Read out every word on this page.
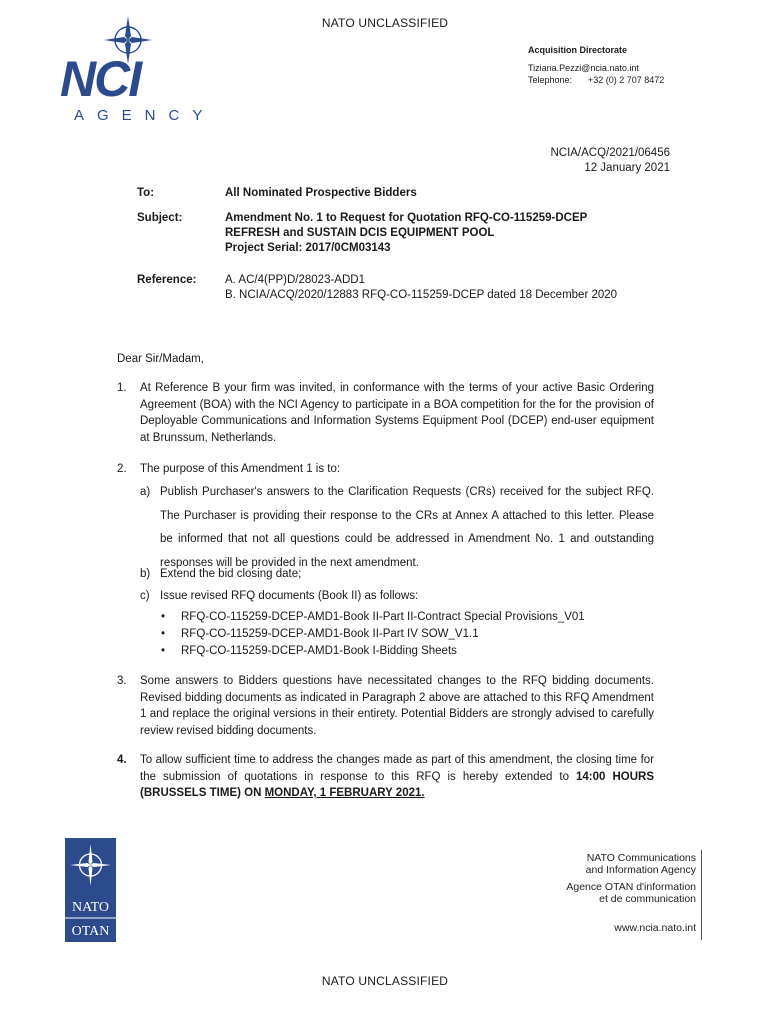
NATO UNCLASSIFIED
NCI
AGENCY
Acquisition Directorate
Tiziana.Pezzi@ncia.nato.int
Telephone: +32 (0) 2 707 8472
NCIA/ACQ/2021/06456
12 January 2021
To:	All Nominated Prospective Bidders
Subject:	Amendment No. 1 to Request for Quotation RFQ-CO-115259-DCEP
REFRESH and SUSTAIN DCIS EQUIPMENT POOL
Project Serial: 2017/0CM03143
Reference: A. AC/4(PP)D/28023-ADD1
B. NCIA/ACQ/2020/12883 RFQ-CO-115259-DCEP dated 18 December 2020
Dear Sir/Madam,
1. At Reference B your firm was invited, in conformance with the terms of your active Basic Ordering Agreement (BOA) with the NCI Agency to participate in a BOA competition for the for the provision of Deployable Communications and Information Systems Equipment Pool (DCEP) end-user equipment at Brunssum, Netherlands.
2. The purpose of this Amendment 1 is to:
a) Publish Purchaser's answers to the Clarification Requests (CRs) received for the subject RFQ. The Purchaser is providing their response to the CRs at Annex A attached to this letter. Please be informed that not all questions could be addressed in Amendment No. 1 and outstanding responses will be provided in the next amendment.
b) Extend the bid closing date;
c) Issue revised RFQ documents (Book II) as follows:
• RFQ-CO-115259-DCEP-AMD1-Book II-Part II-Contract Special Provisions_V01
• RFQ-CO-115259-DCEP-AMD1-Book II-Part IV SOW_V1.1
• RFQ-CO-115259-DCEP-AMD1-Book I-Bidding Sheets
3. Some answers to Bidders questions have necessitated changes to the RFQ bidding documents. Revised bidding documents as indicated in Paragraph 2 above are attached to this RFQ Amendment 1 and replace the original versions in their entirety. Potential Bidders are strongly advised to carefully review revised bidding documents.
4. To allow sufficient time to address the changes made as part of this amendment, the closing time for the submission of quotations in response to this RFQ is hereby extended to 14:00 HOURS (BRUSSELS TIME) ON MONDAY, 1 FEBRUARY 2021.
NATO
OTAN
NATO Communications
and Information Agency
Agence OTAN d'information
et de communication
www.ncia.nato.int
NATO UNCLASSIFIED
